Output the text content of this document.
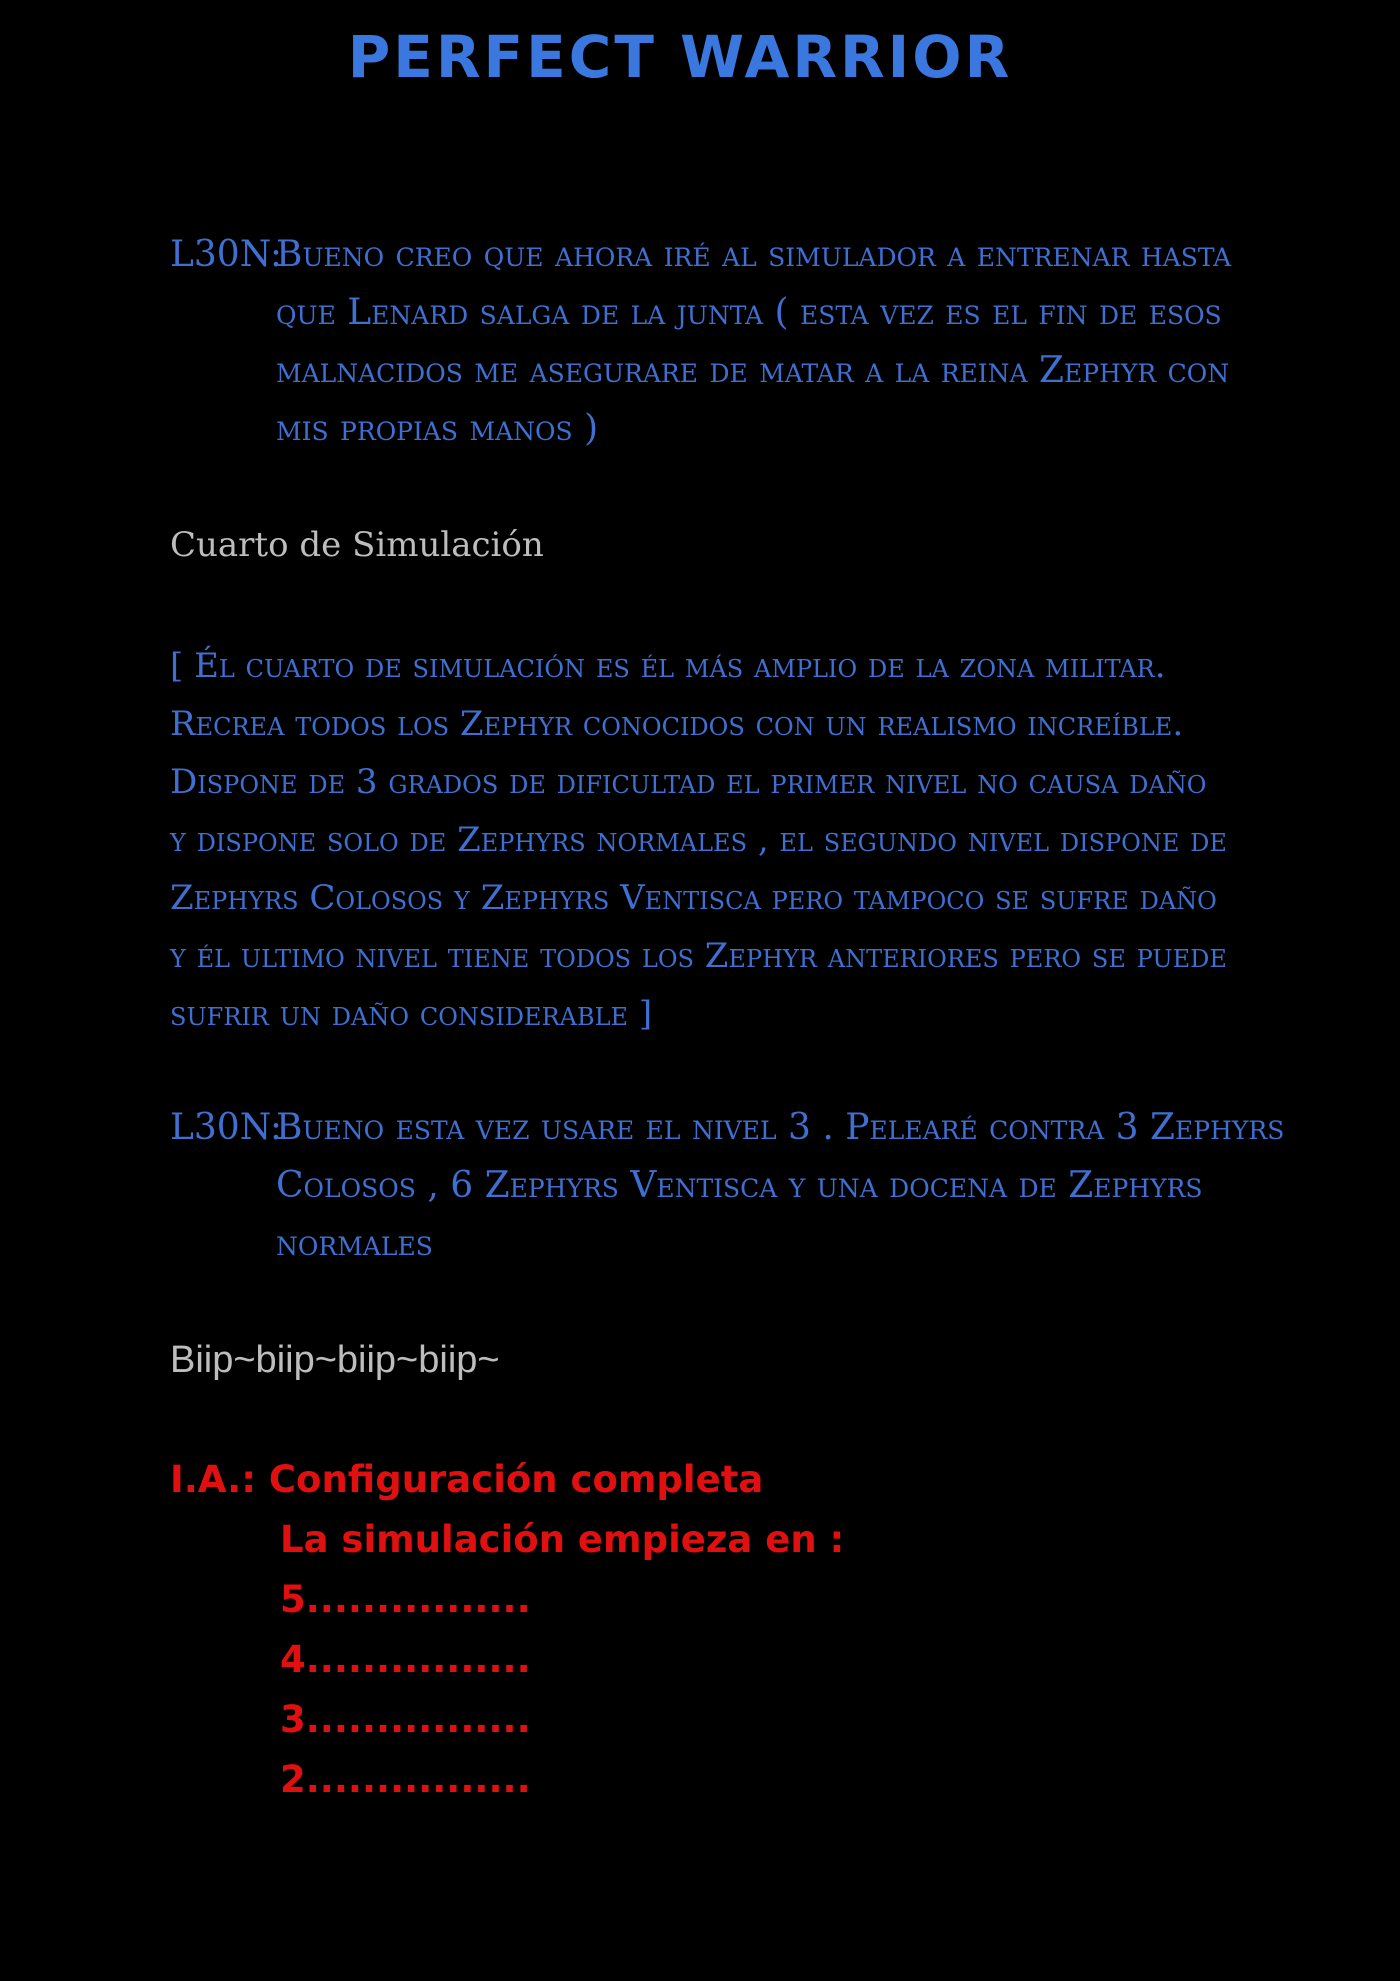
PERFECT WARRIOR
L30N:Bueno creo que ahora iré al simulador a entrenar hasta
que Lenard salga de la junta ( esta vez es el fin de esos
malnacidos me asegurare de matar a la reina Zephyr con
mis propias manos )
Cuarto de Simulación
[ Él cuarto de simulación es él más amplio de la zona militar.
Recrea todos los Zephyr conocidos con un realismo increíble.
Dispone de 3 grados de dificultad el primer nivel no causa daño
y dispone solo de Zephyrs normales , el segundo nivel dispone de
Zephyrs Colosos y Zephyrs Ventisca pero tampoco se sufre daño
y él ultimo nivel tiene todos los Zephyr anteriores pero se puede
sufrir un daño considerable ]
L30N:Bueno esta vez usare el nivel 3 . Pelearé contra 3 Zephyrs
Colosos , 6 Zephyrs Ventisca y una docena de Zephyrs
normales
Biip~biip~biip~biip~
I.A.: Configuración completa
La simulación empieza en :
5................
4................
3................
2................
